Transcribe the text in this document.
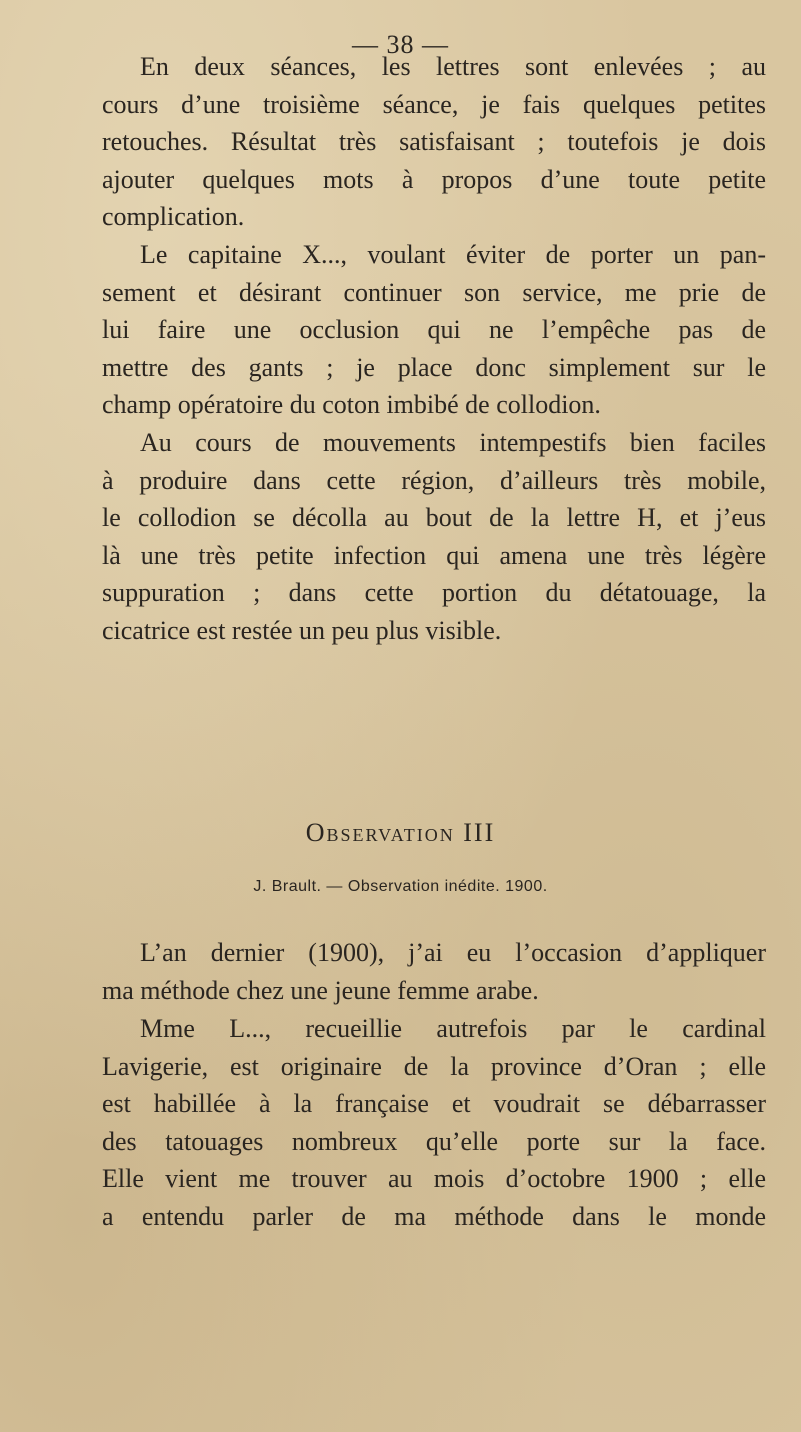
— 38 —
En deux séances, les lettres sont enlevées ; au
cours d’une troisième séance, je fais quelques petites
retouches. Résultat très satisfaisant ; toutefois je dois
ajouter quelques mots à propos d’une toute petite
complication.
Le capitaine X..., voulant éviter de porter un pan-
sement et désirant continuer son service, me prie de
lui faire une occlusion qui ne l’empêche pas de
mettre des gants ; je place donc simplement sur le
champ opératoire du coton imbibé de collodion.
Au cours de mouvements intempestifs bien faciles
à produire dans cette région, d’ailleurs très mobile,
le collodion se décolla au bout de la lettre H, et j’eus
là une très petite infection qui amena une très légère
suppuration ; dans cette portion du détatouage, la
cicatrice est restée un peu plus visible.
Observation III
J. Brault. — Observation inédite. 1900.
L’an dernier (1900), j’ai eu l’occasion d’appliquer
ma méthode chez une jeune femme arabe.
Mme L..., recueillie autrefois par le cardinal
Lavigerie, est originaire de la province d’Oran ; elle
est habillée à la française et voudrait se débarrasser
des tatouages nombreux qu’elle porte sur la face.
Elle vient me trouver au mois d’octobre 1900 ; elle
a entendu parler de ma méthode dans le monde
